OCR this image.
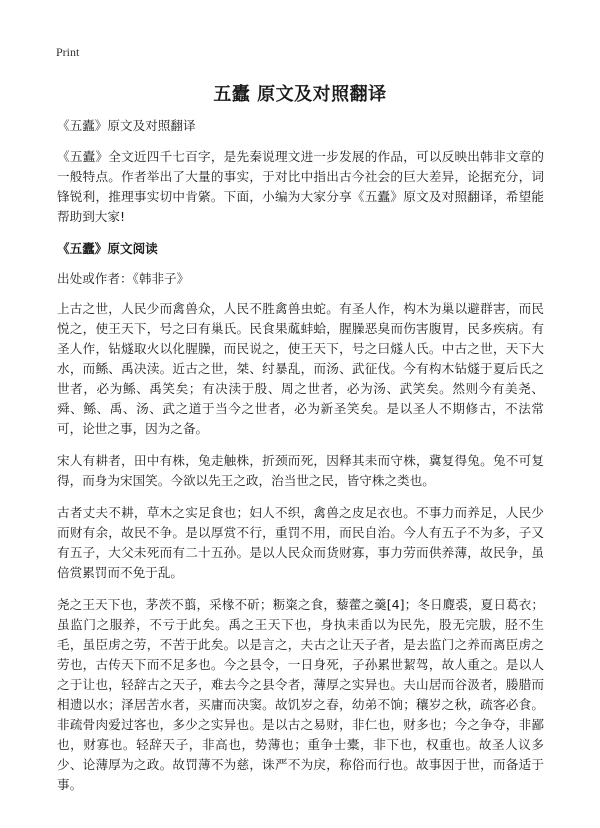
Print
五蠹 原文及对照翻译

《五蠹》原文及对照翻译

《五蠹》全文近四千七百字，是先秦说理文进一步发展的作品，可以反映出韩非文章的一般特点。作者举出了大量的事实，于对比中指出古今社会的巨大差异，论据充分，词锋锐利，推理事实切中肯綮。下面，小编为大家分享《五蠹》原文及对照翻译，希望能帮助到大家!

《五蠹》原文阅读

出处或作者：《韩非子》

上古之世，人民少而禽兽众，人民不胜禽兽虫蛇。有圣人作，构木为巢以避群害，而民悦之，使王天下，号之曰有巢氏。民食果蓏蚌蛤，腥臊恶臭而伤害腹胃，民多疾病。有圣人作，钻燧取火以化腥臊，而民说之，使王天下，号之曰燧人氏。中古之世，天下大水，而鲧、禹决渎。近古之世，桀、纣暴乱，而汤、武征伐。今有构木钻燧于夏后氏之世者，必为鲧、禹笑矣；有决渎于殷、周之世者，必为汤、武笑矣。然则今有美尧、舜、鲧、禹、汤、武之道于当今之世者，必为新圣笑矣。是以圣人不期修古，不法常可，论世之事，因为之备。

宋人有耕者，田中有株，兔走触株，折颈而死，因释其耒而守株，冀复得兔。兔不可复得，而身为宋国笑。今欲以先王之政，治当世之民，皆守株之类也。

古者丈夫不耕，草木之实足食也；妇人不织，禽兽之皮足衣也。不事力而养足，人民少而财有余，故民不争。是以厚赏不行，重罚不用，而民自治。今人有五子不为多，子又有五子，大父未死而有二十五孙。是以人民众而货财寡，事力劳而供养薄，故民争，虽倍赏累罚而不免于乱。

尧之王天下也，茅茨不翦，采椽不斫；粝粢之食，藜藿之羹[4]；冬日麑裘，夏日葛衣；虽监门之服养，不亏于此矣。禹之王天下也，身执耒臿以为民先，股无完胈，胫不生毛，虽臣虏之劳，不苦于此矣。以是言之，夫古之让天子者，是去监门之养而离臣虏之劳也，古传天下而不足多也。今之县令，一日身死，子孙累世絜驾，故人重之。是以人之于让也，轻辞古之天子，难去今之县令者，薄厚之实异也。夫山居而谷汲者，媵腊而相遗以水；泽居苦水者，买庸而决窦。故饥岁之春，幼弟不饷；穰岁之秋，疏客必食。非疏骨肉爱过客也，多少之实异也。是以古之易财，非仁也，财多也；今之争夺，非鄙也，财寡也。轻辞天子，非高也，势薄也；重争士橐，非下也，权重也。故圣人议多少、论薄厚为之政。故罚薄不为慈，诛严不为戾，称俗而行也。故事因于世，而备适于事。
